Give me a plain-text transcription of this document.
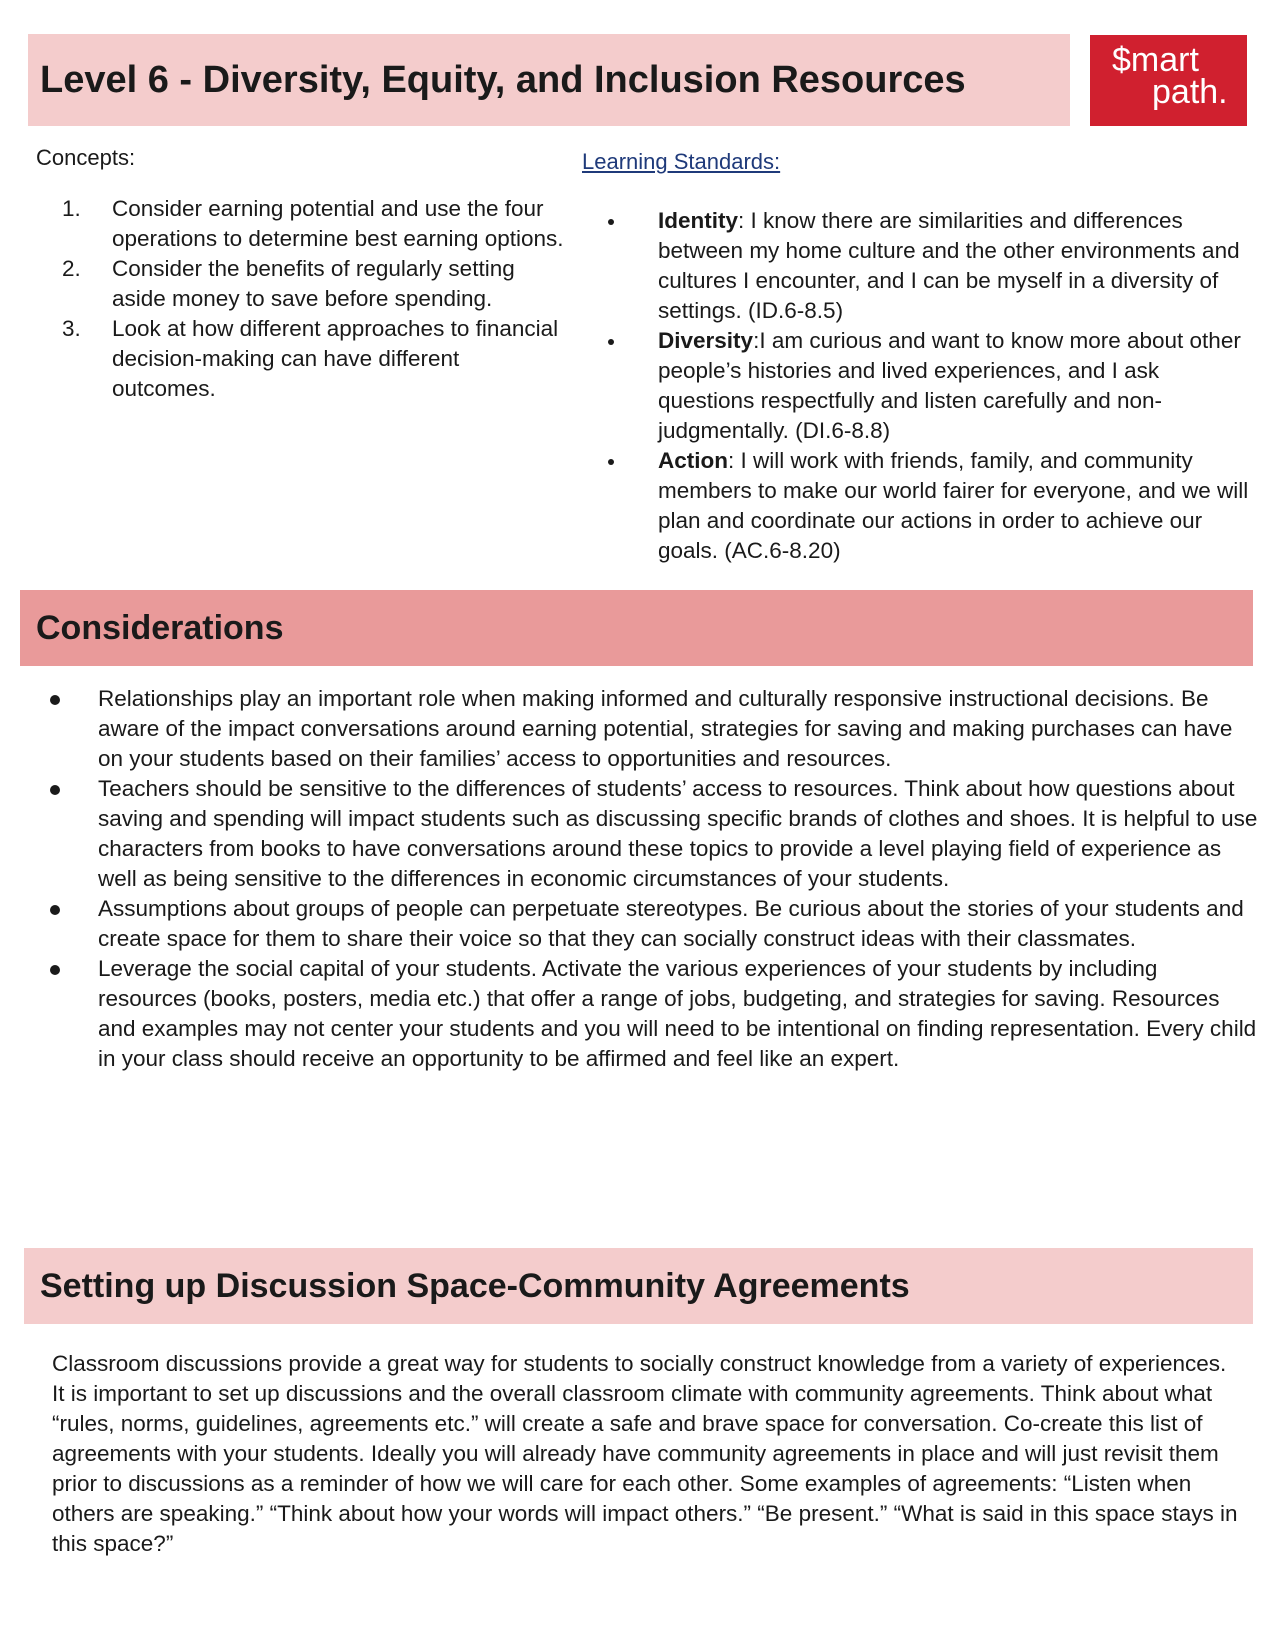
Level 6 - Diversity, Equity, and Inclusion Resources	$mart
path.
Concepts:
1. Consider earning potential and use the four operations to determine best earning options.
2. Consider the benefits of regularly setting aside money to save before spending.
3. Look at how different approaches to financial decision-making can have different outcomes.
Learning Standards:
Identity: I know there are similarities and differences between my home culture and the other environments and cultures I encounter, and I can be myself in a diversity of settings. (ID.6-8.5)
Diversity:I am curious and want to know more about other people’s histories and lived experiences, and I ask questions respectfully and listen carefully and non-judgmentally. (DI.6-8.8)
Action: I will work with friends, family, and community members to make our world fairer for everyone, and we will plan and coordinate our actions in order to achieve our goals. (AC.6-8.20)
Considerations
Relationships play an important role when making informed and culturally responsive instructional decisions. Be aware of the impact conversations around earning potential, strategies for saving and making purchases can have on your students based on their families’ access to opportunities and resources.
Teachers should be sensitive to the differences of students’ access to resources. Think about how questions about saving and spending will impact students such as discussing specific brands of clothes and shoes. It is helpful to use characters from books to have conversations around these topics to provide a level playing field of experience as well as being sensitive to the differences in economic circumstances of your students.
Assumptions about groups of people can perpetuate stereotypes. Be curious about the stories of your students and create space for them to share their voice so that they can socially construct ideas with their classmates.
Leverage the social capital of your students. Activate the various experiences of your students by including resources (books, posters, media etc.) that offer a range of jobs, budgeting, and strategies for saving. Resources and examples may not center your students and you will need to be intentional on finding representation. Every child in your class should receive an opportunity to be affirmed and feel like an expert.
Setting up Discussion Space-Community Agreements

Classroom discussions provide a great way for students to socially construct knowledge from a variety of experiences. It is important to set up discussions and the overall classroom climate with community agreements. Think about what “rules, norms, guidelines, agreements etc.” will create a safe and brave space for conversation. Co-create this list of agreements with your students. Ideally you will already have community agreements in place and will just revisit them prior to discussions as a reminder of how we will care for each other. Some examples of agreements: “Listen when others are speaking.” “Think about how your words will impact others.” “Be present.” “What is said in this space stays in this space?”
